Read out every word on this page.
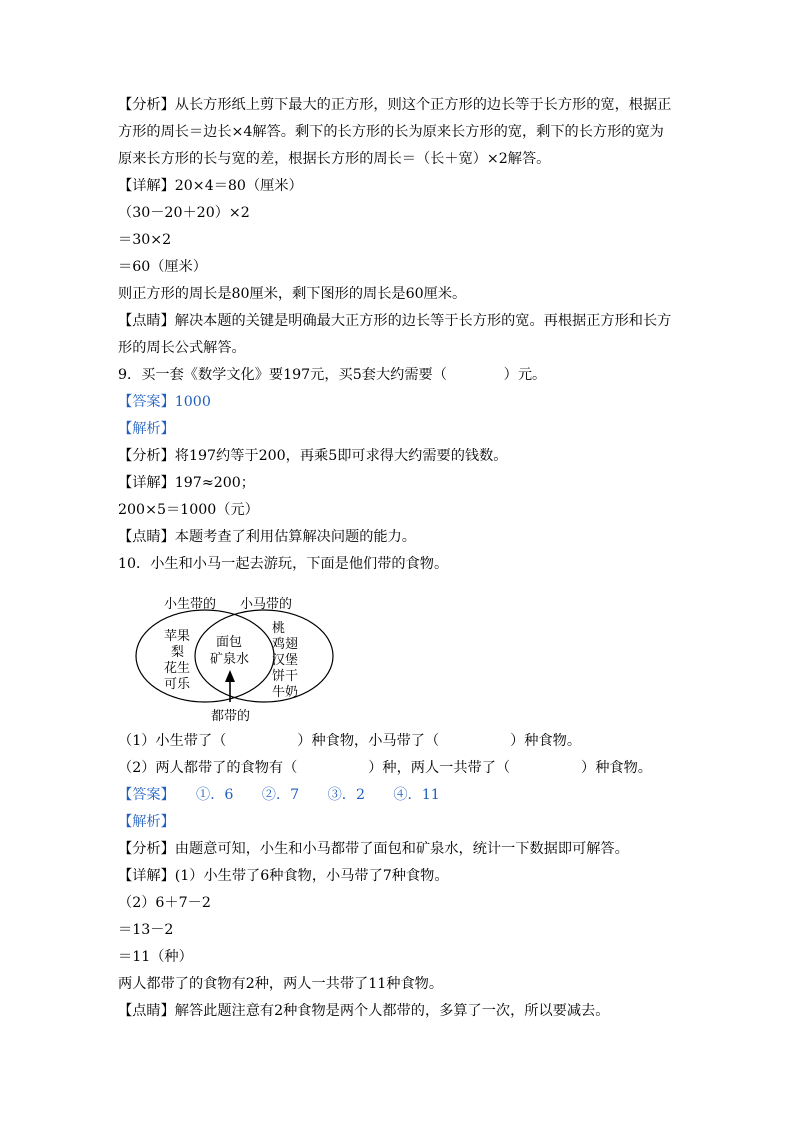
【分析】从长方形纸上剪下最大的正方形，则这个正方形的边长等于长方形的宽，根据正
方形的周长＝边长×4解答。剩下的长方形的长为原来长方形的宽，剩下的长方形的宽为
原来长方形的长与宽的差，根据长方形的周长＝（长＋宽）×2解答。
【详解】20×4＝80（厘米）
（30－20＋20）×2
＝30×2
＝60（厘米）
则正方形的周长是80厘米，剩下图形的周长是60厘米。
【点睛】解决本题的关键是明确最大正方形的边长等于长方形的宽。再根据正方形和长方
形的周长公式解答。
9．买一套《数学文化》要197元，买5套大约需要（　　　　）元。
【答案】1000
【解析】
【分析】将197约等于200，再乘5即可求得大约需要的钱数。
【详解】197≈200；
200×5＝1000（元）
【点睛】本题考查了利用估算解决问题的能力。
10．小生和小马一起去游玩，下面是他们带的食物。
小生带的 小马带的
苹果
梨
花生
可乐
面包
矿泉水
桃
鸡翅
汉堡
饼干
牛奶
都带的
（1）小生带了（　　　　　）种食物，小马带了（　　　　　）种食物。
（2）两人都带了的食物有（　　　　　）种，两人一共带了（　　　　　）种食物。
【答案】　　①．6　　②．7　　③．2　　④．11
【解析】
【分析】由题意可知，小生和小马都带了面包和矿泉水，统计一下数据即可解答。
【详解】(1）小生带了6种食物，小马带了7种食物。
（2）6＋7－2
＝13－2
＝11（种）
两人都带了的食物有2种，两人一共带了11种食物。
【点睛】解答此题注意有2种食物是两个人都带的，多算了一次，所以要减去。
